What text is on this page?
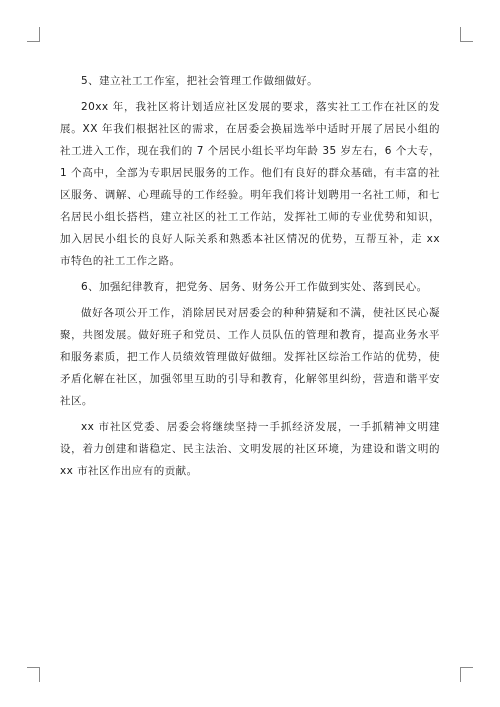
5、建立社工工作室，把社会管理工作做细做好。

20xx 年，我社区将计划适应社区发展的要求，落实社工工作在社区的发展。XX 年我们根据社区的需求，在居委会换届选举中适时开展了居民小组的社工进入工作，现在我们的 7 个居民小组长平均年龄 35 岁左右，6 个大专，1 个高中，全部为专职居民服务的工作。他们有良好的群众基础，有丰富的社区服务、调解、心理疏导的工作经验。明年我们将计划聘用一名社工师，和七名居民小组长搭档，建立社区的社工工作站，发挥社工师的专业优势和知识，加入居民小组长的良好人际关系和熟悉本社区情况的优势，互帮互补，走 xx 市特色的社工工作之路。

6、加强纪律教育，把党务、居务、财务公开工作做到实处、落到民心。

做好各项公开工作，消除居民对居委会的种种猜疑和不满，使社区民心凝聚，共图发展。做好班子和党员、工作人员队伍的管理和教育，提高业务水平和服务素质，把工作人员绩效管理做好做细。发挥社区综治工作站的优势，使矛盾化解在社区，加强邻里互助的引导和教育，化解邻里纠纷，营造和谐平安社区。

xx 市社区党委、居委会将继续坚持一手抓经济发展，一手抓精神文明建设，着力创建和谐稳定、民主法治、文明发展的社区环境，为建设和谐文明的 xx 市社区作出应有的贡献。
